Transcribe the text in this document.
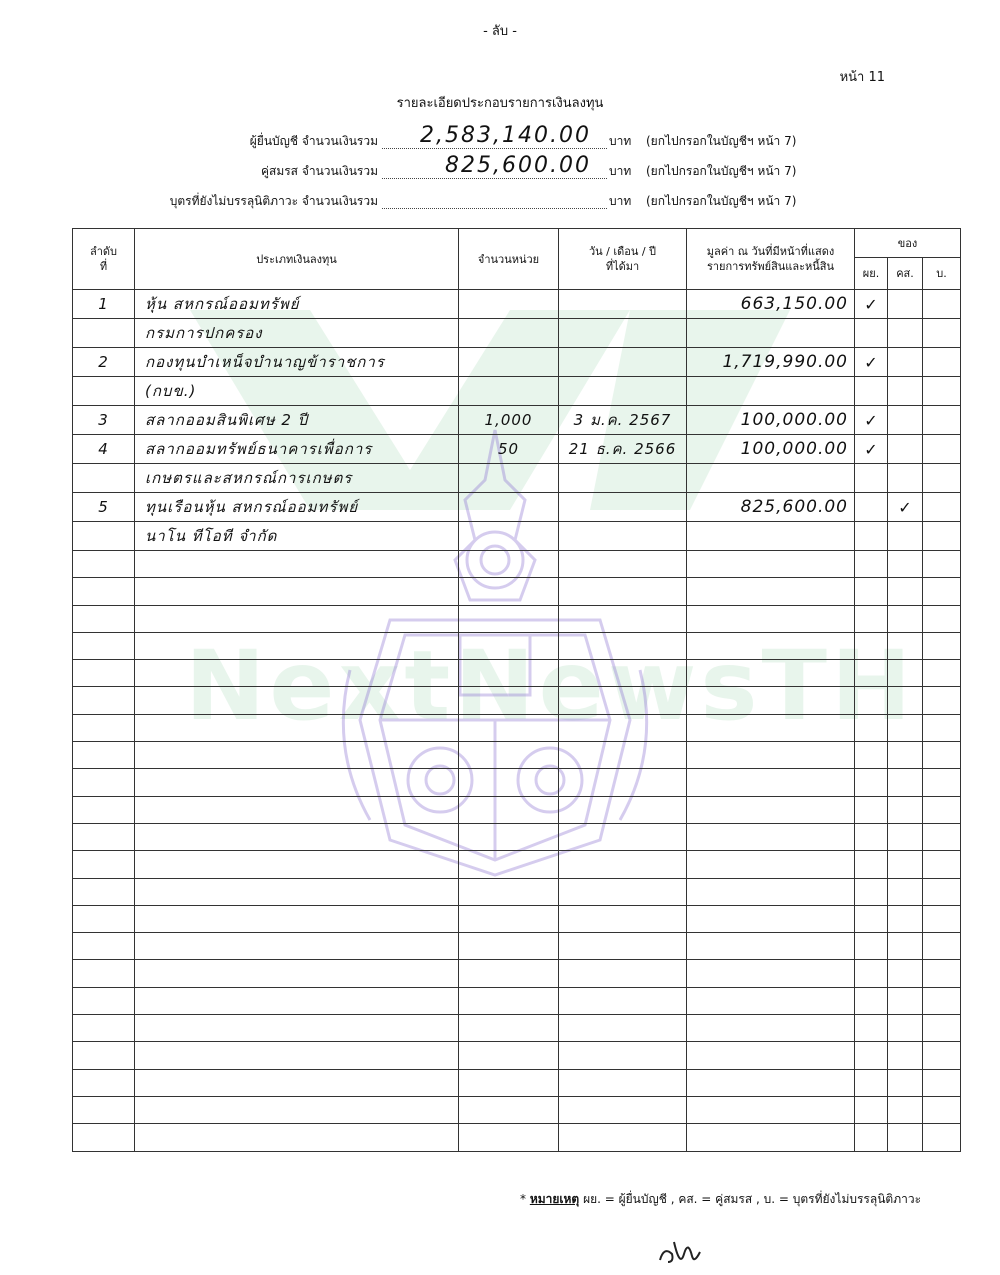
NextNewsTH
- ลับ -
หน้า 11
รายละเอียดประกอบรายการเงินลงทุน
ผู้ยื่นบัญชี จำนวนเงินรวม 2,583,140.00 บาท (ยกไปกรอกในบัญชีฯ หน้า 7)
คู่สมรส จำนวนเงินรวม	825,600.00 บาท (ยกไปกรอกในบัญชีฯ หน้า 7)
บุตรที่ยังไม่บรรลุนิติภาวะ จำนวนเงินรวม	บาท (ยกไปกรอกในบัญชีฯ หน้า 7)
ลำดับ
ที่	ประเภทเงินลงทุน	จำนวนหน่วย	วัน / เดือน / ปี
ที่ได้มา	มูลค่า ณ วันที่มีหน้าที่แสดง
รายการทรัพย์สินและหนี้สิน	ของ		
					ผย.	คส.	บ.
1	หุ้น สหกรณ์ออมทรัพย์			663,150.00	✓		
	กรมการปกครอง						
2	กองทุนบำเหน็จบำนาญข้าราชการ			1,719,990.00	✓		
	(กบข.)						
3	สลากออมสินพิเศษ 2 ปี	1,000	3 ม.ค. 2567	100,000.00	✓		
4	สลากออมทรัพย์ธนาคารเพื่อการ	50	21 ธ.ค. 2566	100,000.00	✓		
	เกษตรและสหกรณ์การเกษตร						
5	ทุนเรือนหุ้น สหกรณ์ออมทรัพย์			825,600.00		✓	
	นาโน ทีโอที จำกัด						

* หมายเหตุ ผย. = ผู้ยื่นบัญชี , คส. = คู่สมรส , บ. = บุตรที่ยังไม่บรรลุนิติภาวะ
